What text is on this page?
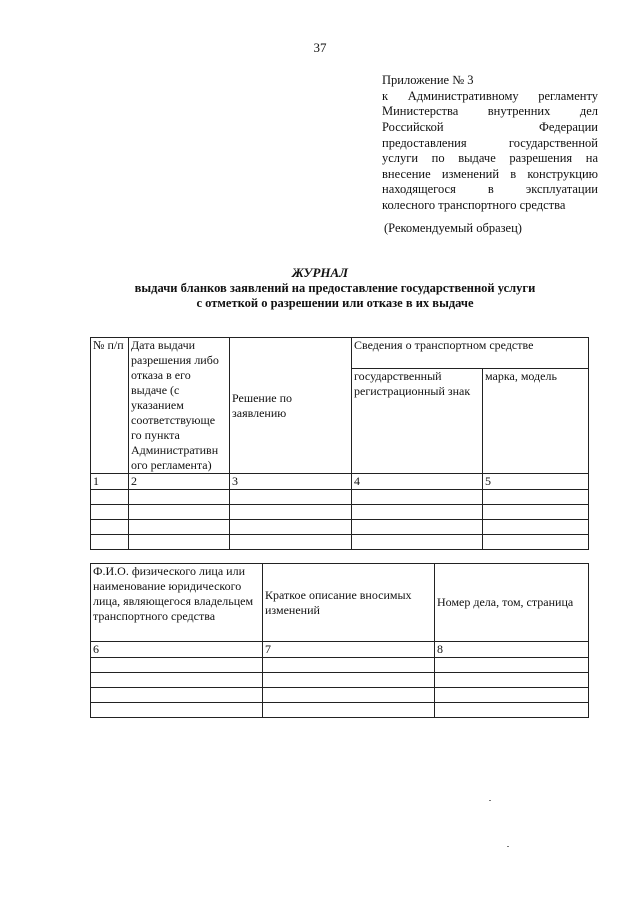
37

Приложение № 3

к Административному регламенту

Министерства внутренних дел

Российской Федерации

предоставления государственной

услуги по выдаче разрешения на

внесение изменений в конструкцию

находящегося в эксплуатации

колесного транспортного средства

(Рекомендуемый образец)
ЖУРНАЛ
выдачи бланков заявлений на предоставление государственной услуги
с отметкой о разрешении или отказе в их выдаче
№ п/п	Дата выдачи разрешения либо отказа в его выдаче (с указанием соответствующе го пункта Административн ого регламента)	Решение по заявлению	Сведения о транспортном средстве	
			государственный регистрационный знак	марка, модель
1	2	3	4	5

Ф.И.О. физического лица или наименование юридического лица, являющегося владельцем транспортного средства	Краткое описание вносимых изменений	Номер дела, том, страница
6	7	8
